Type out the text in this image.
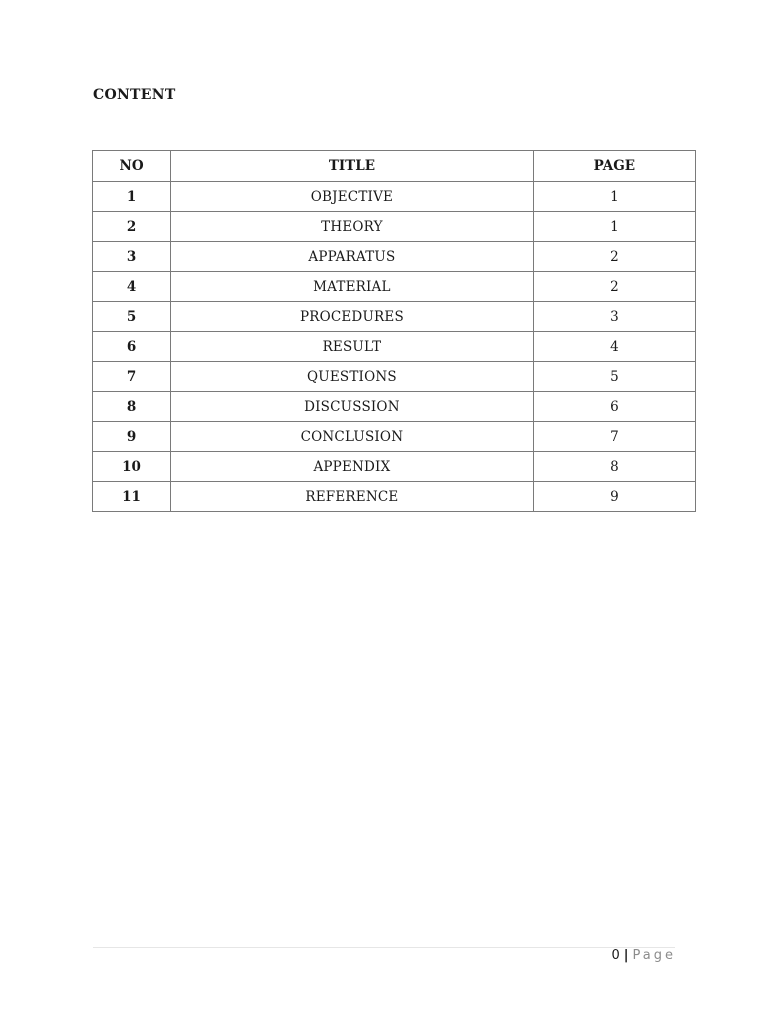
CONTENT
NO	TITLE	PAGE
1	OBJECTIVE	1
2	THEORY	1
3	APPARATUS	2
4	MATERIAL	2
5	PROCEDURES	3
6	RESULT	4
7	QUESTIONS	5
8	DISCUSSION	6
9	CONCLUSION	7
10	APPENDIX	8
11	REFERENCE	9
0 | Page
